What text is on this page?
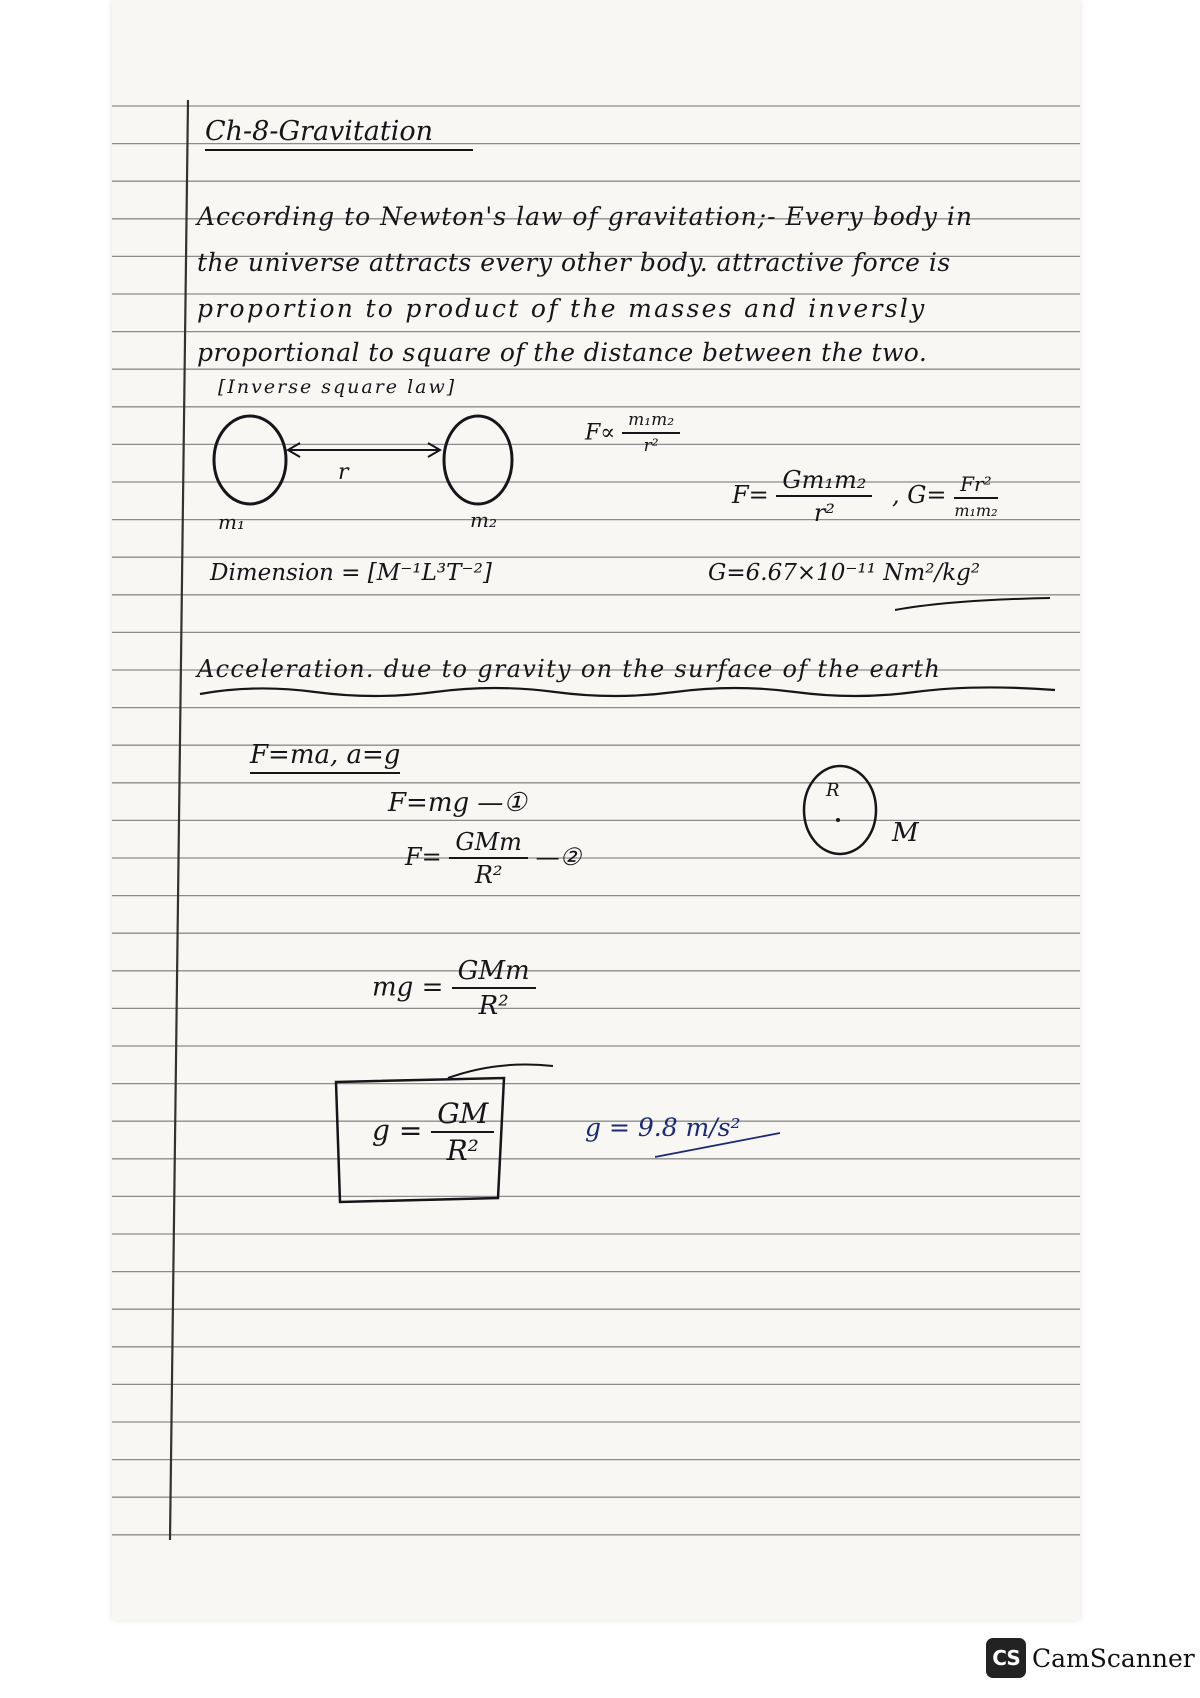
Ch-8-Gravitation
According to Newton's law of gravitation;- Every body in
the universe attracts every other body. attractive force is
proportion to product of the masses and inversly
proportional to square of the distance between the two.
[Inverse square law]
r
m₁	m₂
$F\propto \frac{\text{m₁m₂}}{\text{r²}}$
$F= \frac{\text{Gm₁m₂}}{\text{r²}}$ , $G= \frac{\text{Fr²}}{\text{m₁m₂}}$
Dimension = [M⁻¹L³T⁻²]	G=6.67×10⁻¹¹ Nm²/kg²
Acceleration. due to gravity on the surface of the earth
F=ma, a=g
F=mg —①
$F= \frac{\text{GMm}}{\text{R²}}$ —②
mg = $\frac{\text{GMm}}{\text{R²}}$
R
M
$g = \frac{GM}{\text{R²}}$	g = 9.8 m/s²
CS CamScanner
